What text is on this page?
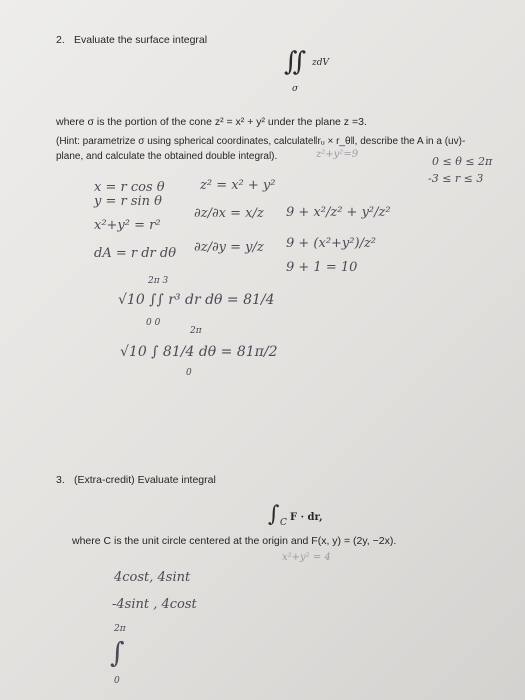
2. Evaluate the surface integral
∬ zdV
σ
where σ is the portion of the cone z² = x² + y² under the plane z =3.
(Hint: parametrize σ using spherical coordinates, calculate‖rᵤ × r_θ‖, describe the A in a (uv)-
plane, and calculate the obtained double integral).	z²+y²=9
0 ≤ θ ≤ 2π
-3 ≤ r ≤ 3
x = r cos θ
y = r sin θ
x²+y² = r²
dA = r dr dθ
z² = x² + y²
∂z/∂x = x/z
∂z/∂y = y/z
9 + x²/z² + y²/z²
9 + (x²+y²)/z²
9 + 1 = 10
2π 3
√10 ∫∫ r³ dr dθ = 81/4
0 0
2π
√10 ∫ 81/4 dθ = 81π/2
0
3. (Extra-credit) Evaluate integral
∫ C F · dr,
where C is the unit circle centered at the origin and F(x, y) = (2y, −2x).
x²+y² = 4
4cost, 4sint
-4sint , 4cost
2π
∫
0
